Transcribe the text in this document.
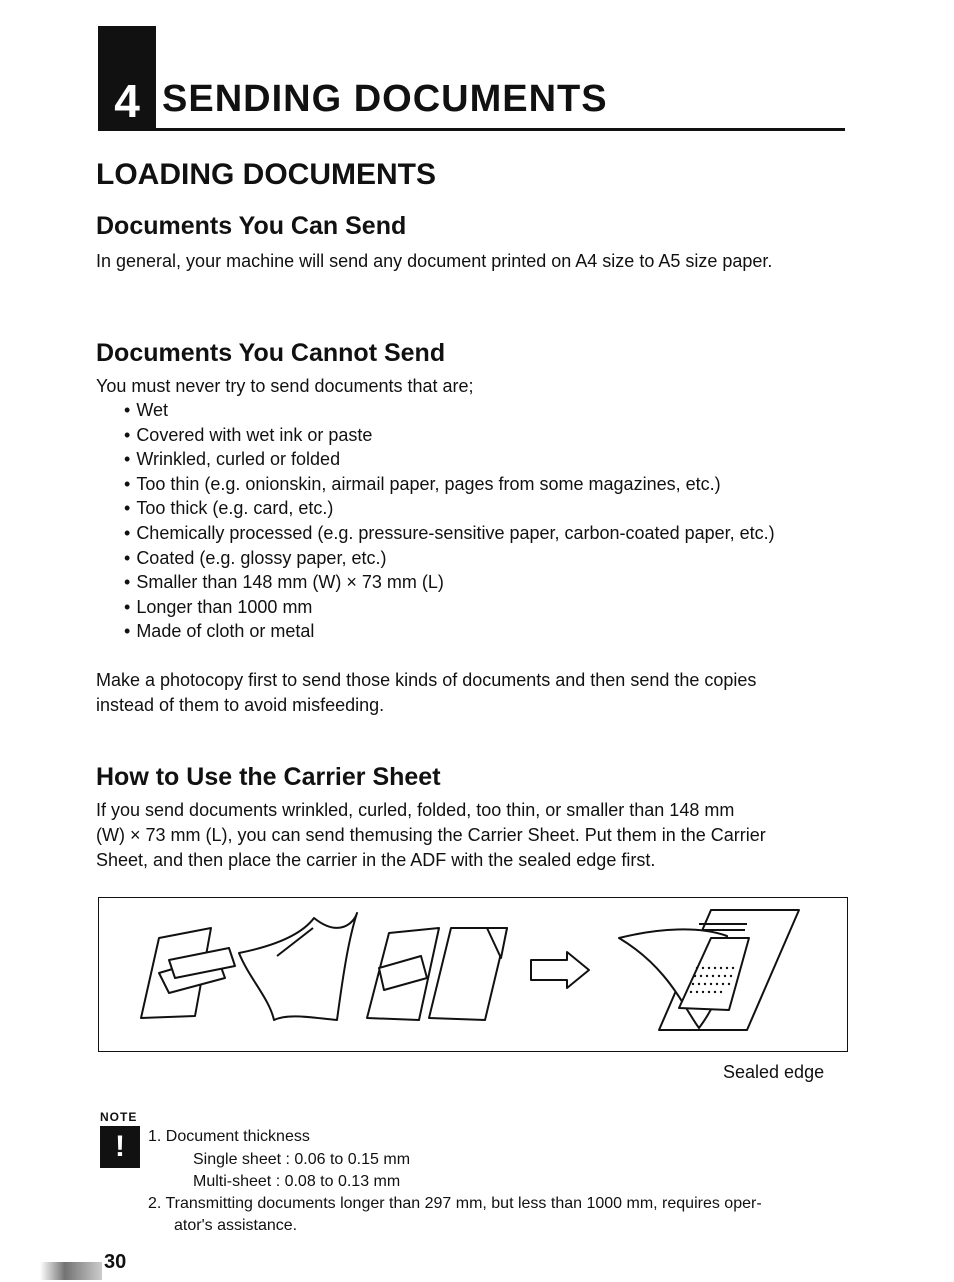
4 SENDING DOCUMENTS
LOADING DOCUMENTS
Documents You Can Send
In general, your machine will send any document printed on A4 size to A5 size paper.
Documents You Cannot Send
You must never try to send documents that are;
• Wet
• Covered with wet ink or paste
• Wrinkled, curled or folded
• Too thin (e.g. onionskin, airmail paper, pages from some magazines, etc.)
• Too thick (e.g. card, etc.)
• Chemically processed (e.g. pressure-sensitive paper, carbon-coated paper, etc.)
• Coated (e.g. glossy paper, etc.)
• Smaller than 148 mm (W) × 73 mm (L)
• Longer than 1000 mm
• Made of cloth or metal
Make a photocopy first to send those kinds of documents and then send the copies
instead of them to avoid misfeeding.
How to Use the Carrier Sheet
If you send documents wrinkled, curled, folded, too thin, or smaller than 148 mm
(W) × 73 mm (L), you can send themusing the Carrier Sheet. Put them in the Carrier
Sheet, and then place the carrier in the ADF with the sealed edge first.
Sealed edge
NOTE
!	1. Document thickness
Single sheet : 0.06 to 0.15 mm
Multi-sheet : 0.08 to 0.13 mm
2. Transmitting documents longer than 297 mm, but less than 1000 mm, requires oper-
ator's assistance.
30
